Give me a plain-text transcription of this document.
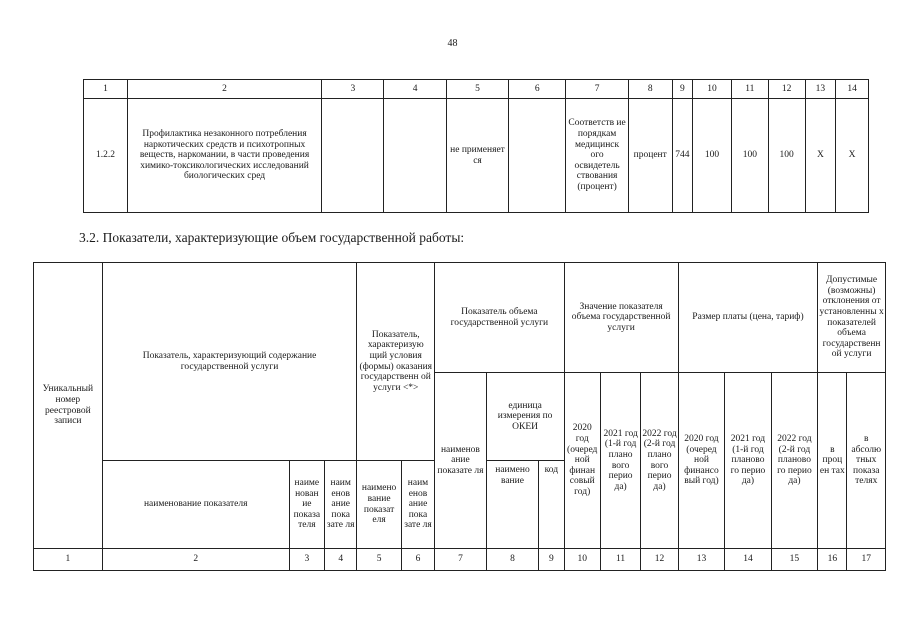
48
1	2	3	4	5	6	7	8	9	10	11	12	13	14
1.2.2	Профилактика незаконного потребления наркотических средств и психотропных веществ, наркомании, в части проведения химико-токсикологических исследований биологических сред			не применяет ся		Соответств ие порядкам медицинск ого освидетель ствования (процент)	процент	744	100	100	100	X	X
3.2. Показатели, характеризующие объем государственной работы:
Уникальный номер реестровой записи	Показатель, характеризующий содержание государственной услуги			Показатель, характеризую щий условия (формы) оказания государственн ой услуги <*>		Показатель объема государственной услуги			Значение показателя объема государственной услуги			Размер платы (цена, тариф)			Допустимые (возможны) отклонения от установленны х показателей объема государственн ой услуги	
						наименов ание показате ля	единица измерения по ОКЕИ		2020 год (очеред ной финан совый год)	2021 год (1-й год плано вого перио да)	2022 год (2-й год плано вого перио да)	2020 год (очеред ной финансо вый год)	2021 год (1-й год планово го перио да)	2022 год (2-й год планово го перио да)	в проц ен тах	в абсолю тных показа телях
	наименование показателя	наиме нован ие показа теля	наим енов ание пока зате ля	наимено вание показат еля	наим енов ание пока зате ля		наимено вание	код								
1	2	3	4	5	6	7	8	9	10	11	12	13	14	15	16	17
